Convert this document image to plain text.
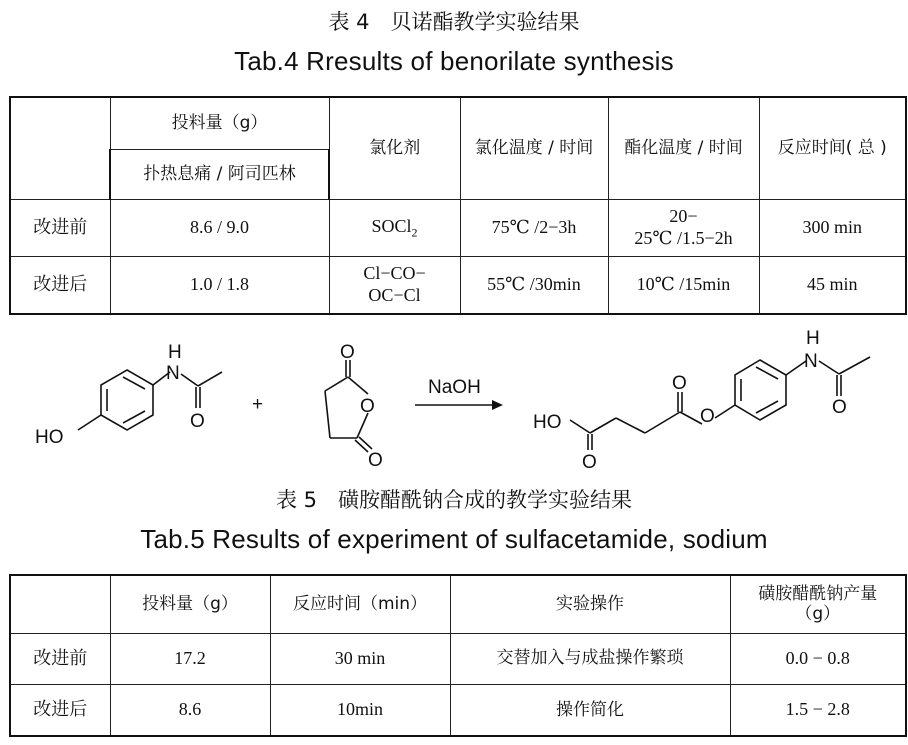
表 4　贝诺酯教学实验结果
Tab.4 Rresults of benorilate synthesis
	投料量（g）	氯化剂	氯化温度 / 时间	酯化温度 / 时间	反应时间( 总 )
	扑热息痛 / 阿司匹林				
改进前	8.6 / 9.0	SOCl$_2$	75℃ /2−3h	20−
25℃ /1.5−2h	300 min
改进后	1.0 / 1.8	Cl−CO−
OC−Cl	55℃ /30min	10℃ /15min	45 min
H
N
O
HO
+
O
O
O
NaOH
HO
O
O
O
H
N
O
表 5　磺胺醋酰钠合成的教学实验结果
Tab.5 Results of experiment of sulfacetamide, sodium
	投料量（g）	反应时间（min）	实验操作	磺胺醋酰钠产量
（g）

改进前	17.2	30 min	交替加入与成盐操作繁琐	0.0 − 0.8
改进后	8.6	10min	操作简化	1.5 − 2.8
